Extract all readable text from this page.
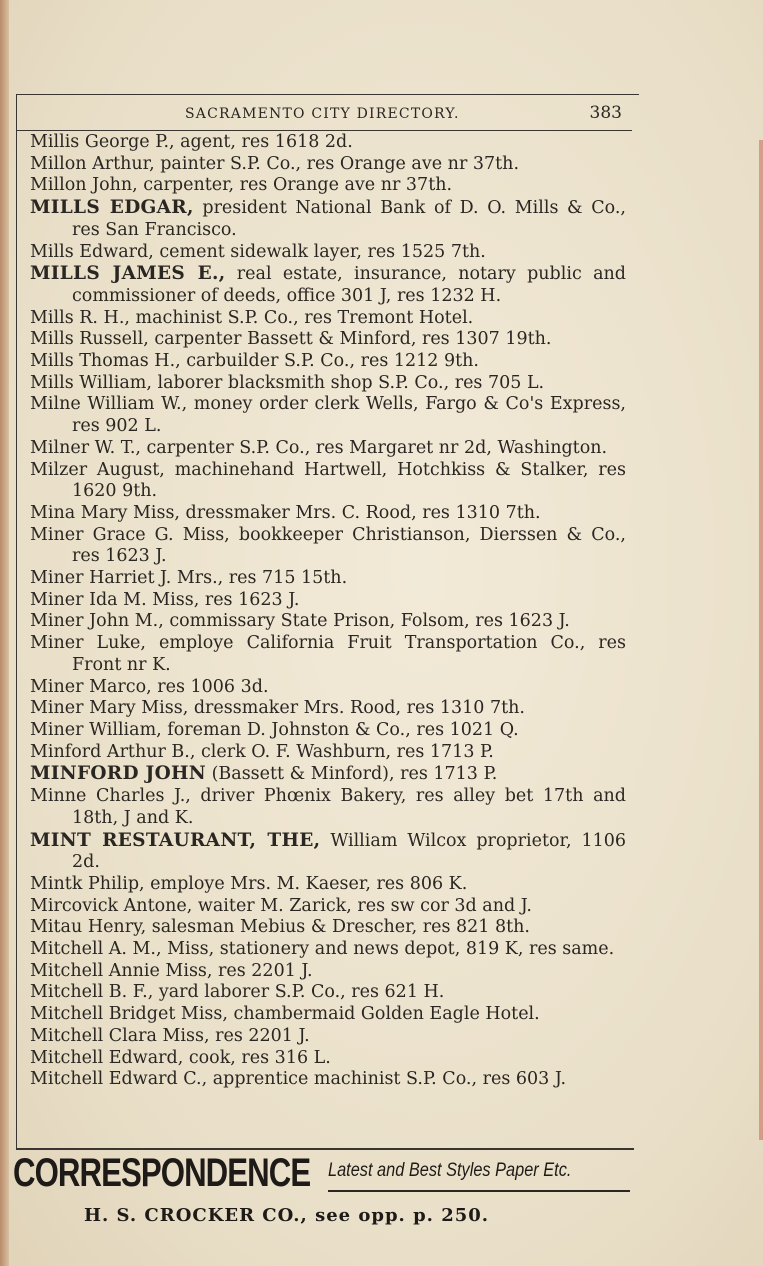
SACRAMENTO CITY DIRECTORY.	383
Millis George P., agent, res 1618 2d.
Millon Arthur, painter S.P. Co., res Orange ave nr 37th.
Millon John, carpenter, res Orange ave nr 37th.
MILLS EDGAR, president National Bank of D. O. Mills & Co., res San Francisco.
Mills Edward, cement sidewalk layer, res 1525 7th.
MILLS JAMES E., real estate, insurance, notary public and commissioner of deeds, office 301 J, res 1232 H.
Mills R. H., machinist S.P. Co., res Tremont Hotel.
Mills Russell, carpenter Bassett & Minford, res 1307 19th.
Mills Thomas H., carbuilder S.P. Co., res 1212 9th.
Mills William, laborer blacksmith shop S.P. Co., res 705 L.
Milne William W., money order clerk Wells, Fargo & Co's Express, res 902 L.
Milner W. T., carpenter S.P. Co., res Margaret nr 2d, Washington.
Milzer August, machinehand Hartwell, Hotchkiss & Stalker, res 1620 9th.
Mina Mary Miss, dressmaker Mrs. C. Rood, res 1310 7th.
Miner Grace G. Miss, bookkeeper Christianson, Dierssen & Co., res 1623 J.
Miner Harriet J. Mrs., res 715 15th.
Miner Ida M. Miss, res 1623 J.
Miner John M., commissary State Prison, Folsom, res 1623 J.
Miner Luke, employe California Fruit Transportation Co., res Front nr K.
Miner Marco, res 1006 3d.
Miner Mary Miss, dressmaker Mrs. Rood, res 1310 7th.
Miner William, foreman D. Johnston & Co., res 1021 Q.
Minford Arthur B., clerk O. F. Washburn, res 1713 P.
MINFORD JOHN (Bassett & Minford), res 1713 P.
Minne Charles J., driver Phœnix Bakery, res alley bet 17th and 18th, J and K.
MINT RESTAURANT, THE, William Wilcox proprietor, 1106 2d.
Mintk Philip, employe Mrs. M. Kaeser, res 806 K.
Mircovick Antone, waiter M. Zarick, res sw cor 3d and J.
Mitau Henry, salesman Mebius & Drescher, res 821 8th.
Mitchell A. M., Miss, stationery and news depot, 819 K, res same.
Mitchell Annie Miss, res 2201 J.
Mitchell B. F., yard laborer S.P. Co., res 621 H.
Mitchell Bridget Miss, chambermaid Golden Eagle Hotel.
Mitchell Clara Miss, res 2201 J.
Mitchell Edward, cook, res 316 L.
Mitchell Edward C., apprentice machinist S.P. Co., res 603 J.
CORRESPONDENCE Latest and Best Styles Paper Etc.
H. S. CROCKER CO., see opp. p. 250.
